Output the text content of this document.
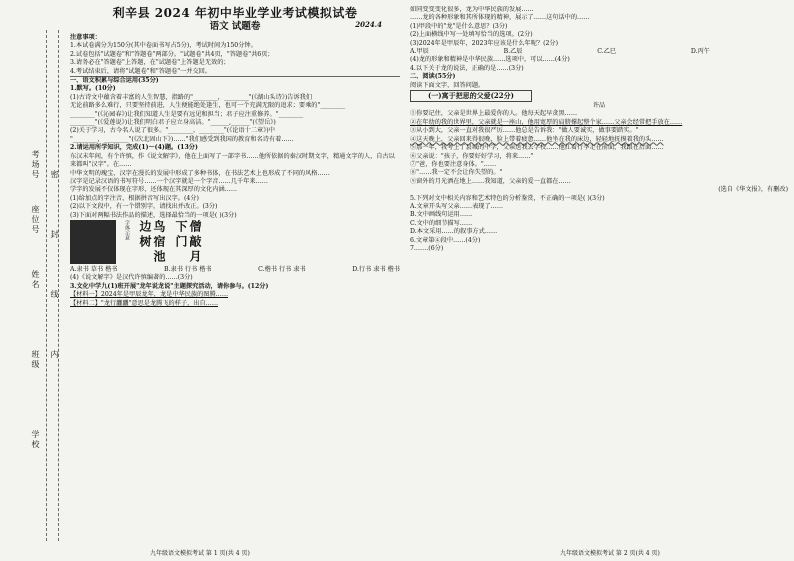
考场号
座位号
姓名
班级
学校
密
封
线
内
利辛县 2024 年初中毕业学业考试模拟试卷
语文 试题卷	2024.4
注意事项：
1.本试卷满分为150分(其中卷面书写占5分)，考试时间为150分钟。
2.试卷包括"试题卷"和"答题卷"两部分。"试题卷"共4页，"答题卷"共6页；
3.请务必在"答题卷"上答题，在"试题卷"上答题是无效的；
4.考试结束后，请将"试题卷"和"答题卷"一并交回。
一、语文积累与综合运用(35分)
1.默写。(10分)
(1)古诗文中蕴含着丰富的人生智慧，指路的"________，________"(《湖山头诗》)告诉我们
无论前路多么难行，只要坚持前进，人生便能绝处逢生，也可一个充满无限的追求；要乘的"________
________"(《沁园春》)让我们知道人生是要有远见和担当；君子应注重修养。"________
________"(《爱莲说》)让我们明白君子应立身高洁。"______,______"(《望岳》)
(2)关于学习，古今名人说了很多。"________，________"(《论语十二章》)中
"________，________"(《次北固山下》)……"我们感受到我国的教育和名诗有着……
2.请运用所学知识，完成(1)～(4)题。(13分)
东汉末年间，有个许慎，作《说文解字》，他在上面写了一部字书……他所依据的秦汉时期文字，精通文字的人，自古以来都叫"汉字"。在……
中华文明的瑰宝，汉字在漫长的发展中形成了多种书体，在书法艺术上也形成了不同的风格……
汉字是记录汉语的书写符号……一个汉字就是一个字音……几千年来……
学字的发展不仅体现在字形，还体现在其深厚的文化内涵……
(1)给加点的字注音，根据拼音写出汉字。(4分)
(2)以下文段中，有一个错别字，请找出并改正。(3分)
(3)下面对两幅书法作品的描述，选择最恰当的一项是( )(3分)
字体示意	鸟宿池边树	僧敲月下门
A.隶书 草书 楷书	B.隶书 行书 楷书	C.楷书 行书 隶书	D.行书 隶书 楷书
(4)《说文解字》是汉代许慎编著的……(3分)
3.文化中学九(1)班开展"龙年说龙说"主题探究活动，请你参与。(12分)
【材料一】2024年是甲辰龙年，龙是中华民族的图腾……
【材料二】"龙行龘龘"意思是龙腾飞的样子，出自……
九年级语文模拟考试 第 1 页(共 4 页)
如同变变变化很多，龙为中华民族的发展……
……龙的各种形象和其所体现的精神，展示了……这句话中的……
(1)甲段中的"龙"是什么意思？(3分)
(2)上面横线中写一处填写恰当的选项。(2分)
(3)2024年是甲辰年，2023年应该是什么年呢？(2分)
A.甲辰	B.乙辰	C.乙巳	D.丙午
(4)龙的形象和精神是中华民族……选项中，可以……(4分)
4.以下关于龙的说法，正确的是……(3分)
二、阅读(55分)
阅读下面文字，回答问题。
(一)寓于把思的父爱(22分)
许品
①你要记住，父亲是世界上最爱你的人。他每天起早贪黑……
②在年幼的我的世界里，父亲就是一座山，他用宽厚的肩膀撑起整个家……父亲会经常把手放在……
③从小到大，父亲一直对我很严厉……他总是告诉我："做人要诚实，做事要踏实。"
④这天晚上，父亲回来得很晚，脸上带着疲惫……他坐在我的床边，轻轻地抚摸着我的头……
⑤那一年，我考上了县城的中学，父亲送我去学校……他扛着行李走在前面，我跟在后面……
⑥父亲说："孩子，你要好好学习，将来……"
⑦"爸，你也要注意身体。"……
⑧"……我一定不会让你失望的。"
⑨窗外的月光洒在地上……我知道，父亲的爱一直都在……
(选自《华文报》，有删改)
5.下列对文中相关内容和艺术特色的分析鉴赏，不正确的一项是( )(3分)
A.文章开头写父亲……表现了……
B.文中画线句运用……
C.文中的细节描写……
D.本文采用……的叙事方式……
6.文章第④段中……(4分)
7.……(6分)
九年级语文模拟考试 第 2 页(共 4 页)
